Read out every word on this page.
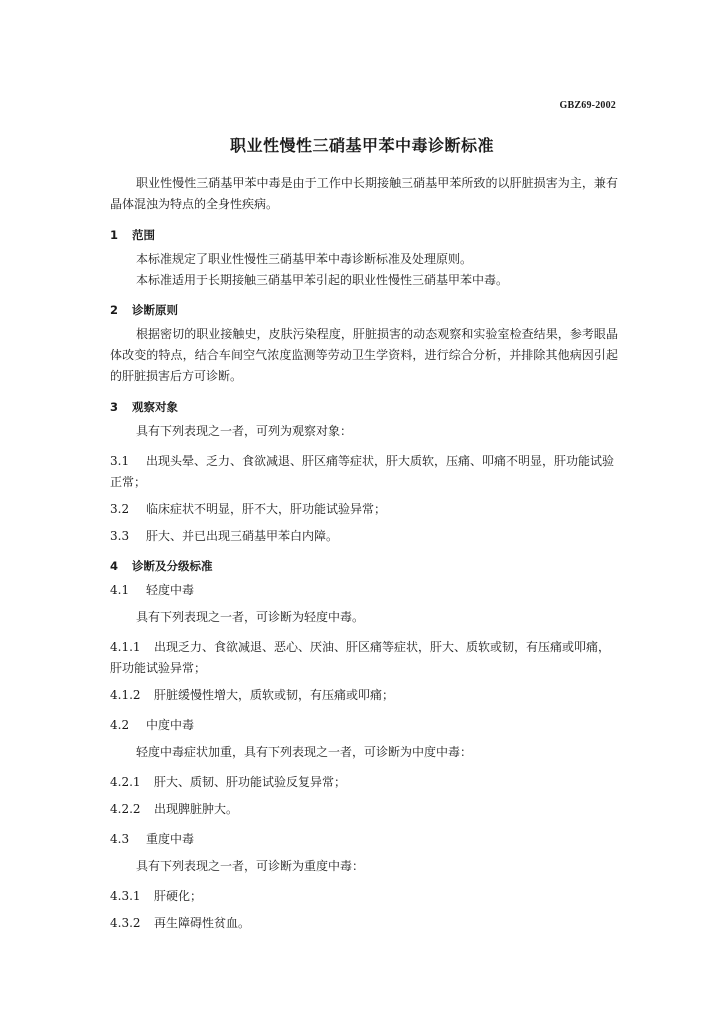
GBZ69-2002
职业性慢性三硝基甲苯中毒诊断标准

职业性慢性三硝基甲苯中毒是由于工作中长期接触三硝基甲苯所致的以肝脏损害为主，兼有晶体混浊为特点的全身性疾病。

1 范围

本标准规定了职业性慢性三硝基甲苯中毒诊断标准及处理原则。

本标准适用于长期接触三硝基甲苯引起的职业性慢性三硝基甲苯中毒。

2 诊断原则

根据密切的职业接触史，皮肤污染程度，肝脏损害的动态观察和实验室检查结果，参考眼晶体改变的特点，结合车间空气浓度监测等劳动卫生学资料，进行综合分析，并排除其他病因引起的肝脏损害后方可诊断。

3 观察对象

具有下列表现之一者，可列为观察对象：

3.1 出现头晕、乏力、食欲减退、肝区痛等症状，肝大质软，压痛、叩痛不明显，肝功能试验正常；

3.2 临床症状不明显，肝不大，肝功能试验异常；

3.3 肝大、并已出现三硝基甲苯白内障。

4 诊断及分级标准

4.1 轻度中毒

具有下列表现之一者，可诊断为轻度中毒。

4.1.1 出现乏力、食欲减退、恶心、厌油、肝区痛等症状，肝大、质软或韧，有压痛或叩痛，肝功能试验异常；

4.1.2 肝脏缓慢性增大，质软或韧，有压痛或叩痛；

4.2 中度中毒

轻度中毒症状加重，具有下列表现之一者，可诊断为中度中毒：

4.2.1 肝大、质韧、肝功能试验反复异常；

4.2.2 出现脾脏肿大。

4.3 重度中毒

具有下列表现之一者，可诊断为重度中毒：

4.3.1 肝硬化；

4.3.2 再生障碍性贫血。
